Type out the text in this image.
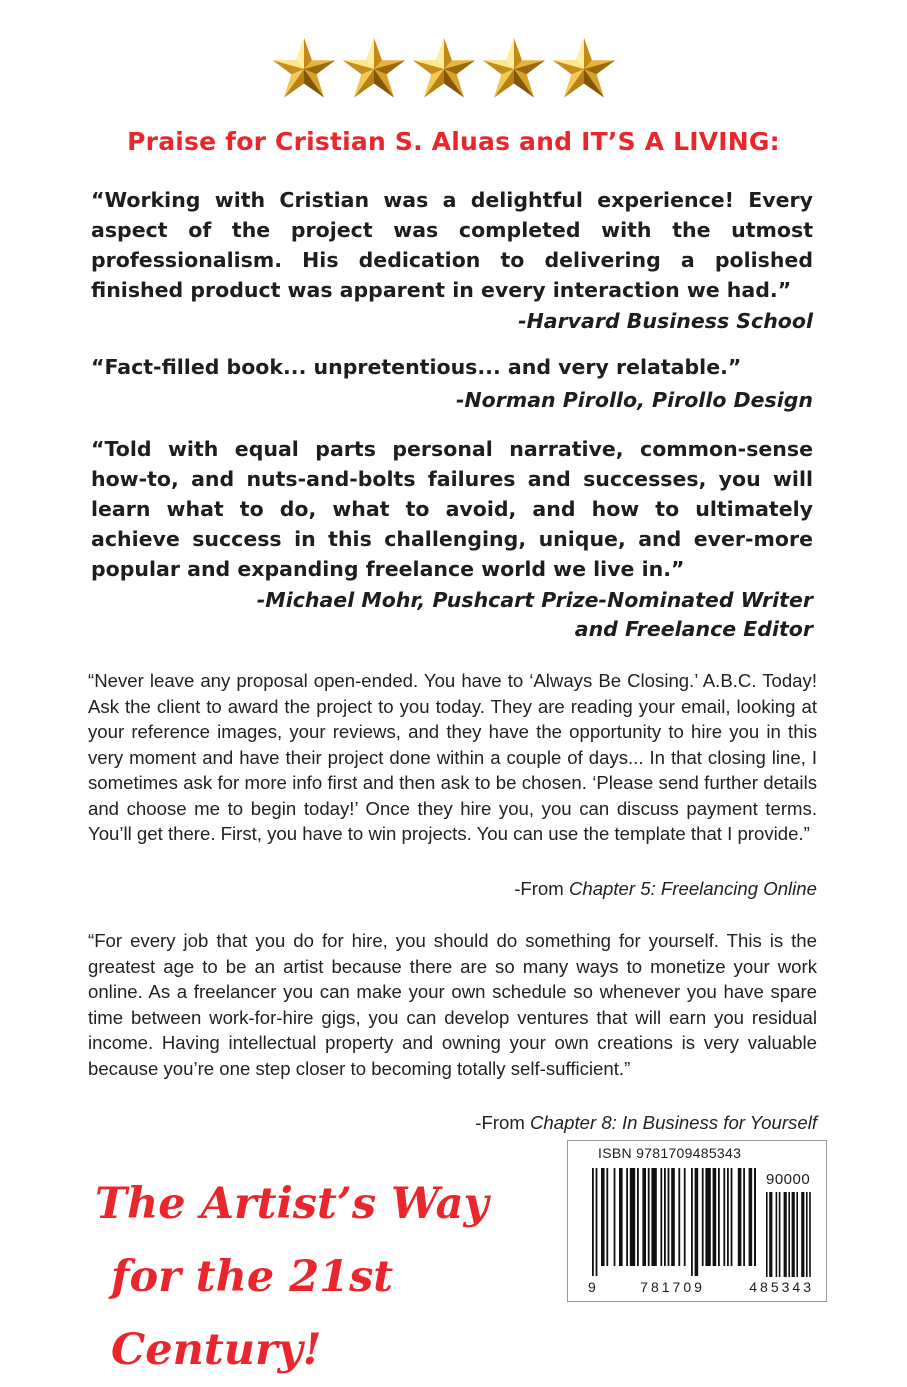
Praise for Cristian S. Aluas and IT’S A LIVING:
“Working with Cristian was a delightful experience! Every aspect of the project was completed with the utmost professionalism. His dedication to delivering a polished finished product was apparent in every interaction we had.”
-Harvard Business School
“Fact-filled book... unpretentious... and very relatable.”
-Norman Pirollo, Pirollo Design
“Told with equal parts personal narrative, common-sense how-to, and nuts-and-bolts failures and successes, you will learn what to do, what to avoid, and how to ultimately achieve success in this challenging, unique, and ever-more popular and expanding freelance world we live in.”
-Michael Mohr, Pushcart Prize-Nominated Writer
and Freelance Editor
“Never leave any proposal open-ended. You have to ‘Always Be Closing.’ A.B.C. Today! Ask the client to award the project to you today. They are reading your email, looking at your reference images, your reviews, and they have the opportunity to hire you in this very moment and have their project done within a couple of days... In that closing line, I sometimes ask for more info first and then ask to be chosen. ‘Please send further details and choose me to begin today!’ Once they hire you, you can discuss payment terms. You’ll get there. First, you have to win projects. You can use the template that I provide.”
-From Chapter 5: Freelancing Online
“For every job that you do for hire, you should do something for yourself. This is the greatest age to be an artist because there are so many ways to monetize your work online. As a freelancer you can make your own schedule so whenever you have spare time between work-for-hire gigs, you can develop ventures that will earn you residual income. Having intellectual property and owning your own creations is very valuable because you’re one step closer to becoming totally self-sufficient.”
-From Chapter 8: In Business for Yourself
The Artist’s Way
for the 21st Century!
ISBN 9781709485343
90000
9	781709	485343
